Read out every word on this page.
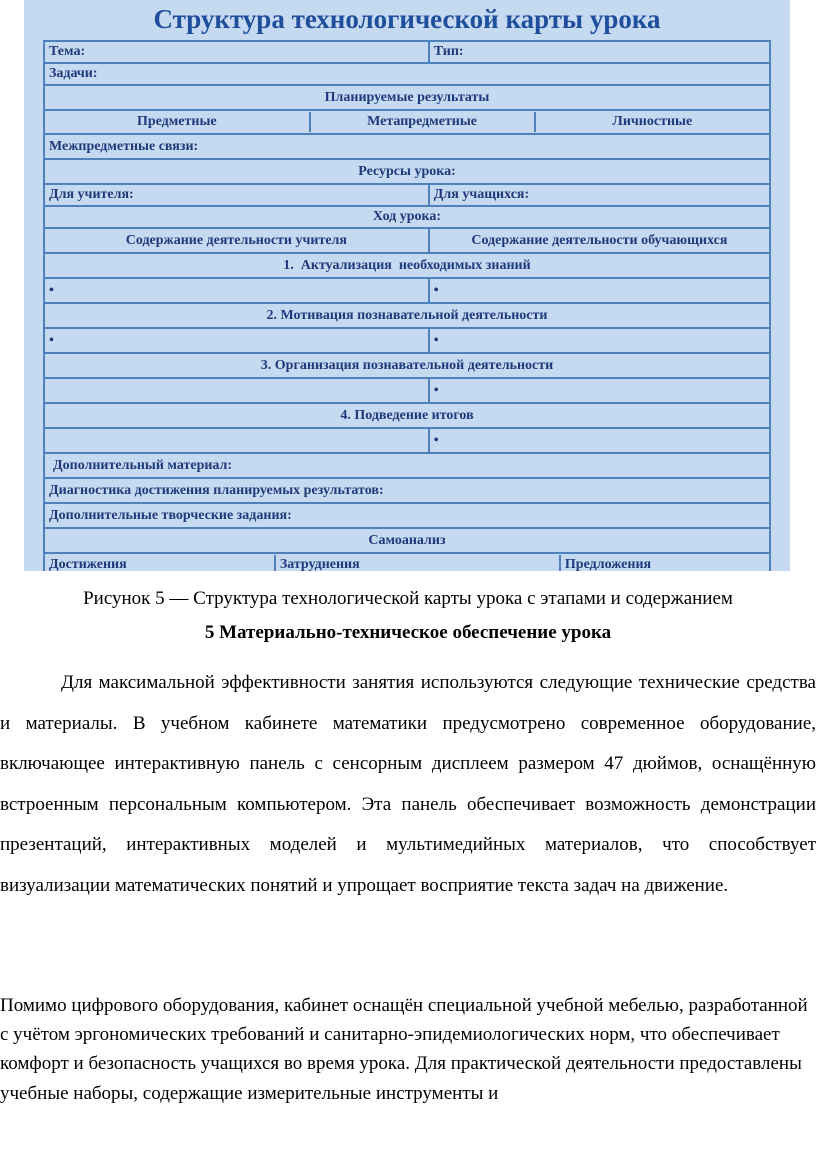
Структура технологической карты урока
Тема:	Тип:
Задачи:
Планируемые результаты

Предметные	Метапредметные	Личностные

Межпредметные связи:
Ресурсы урока:
Для учителя:	Для учащихся:
Ход урока:
Содержание деятельности учителя	Содержание деятельности обучающихся
1.  Актуализация  необходимых знаний
•	•
2. Мотивация познавательной деятельности
•	•
3. Организация познавательной деятельности
	•
4. Подведение итогов
	•
Дополнительный материал:
Диагностика достижения планируемых результатов:
Дополнительные творческие задания:
Самоанализ

Достижения	Затруднения	Предложения

Рисунок 5 — Структура технологической карты урока с этапами и содержанием

5 Материально-техническое обеспечение урока

Для максимальной эффективности занятия используются следующие технические средства и материалы. В учебном кабинете математики предусмотрено современное оборудование, включающее интерактивную панель с сенсорным дисплеем размером 47 дюймов, оснащённую встроенным персональным компьютером. Эта панель обеспечивает возможность демонстрации презентаций, интерактивных моделей и мультимедийных материалов, что способствует визуализации математических понятий и упрощает восприятие текста задач на движение.

Помимо цифрового оборудования, кабинет оснащён специальной учебной мебелью, разработанной с учётом эргономических требований и санитарно-эпидемиологических норм, что обеспечивает комфорт и безопасность учащихся во время урока. Для практической деятельности предоставлены учебные наборы, содержащие измерительные инструменты и
